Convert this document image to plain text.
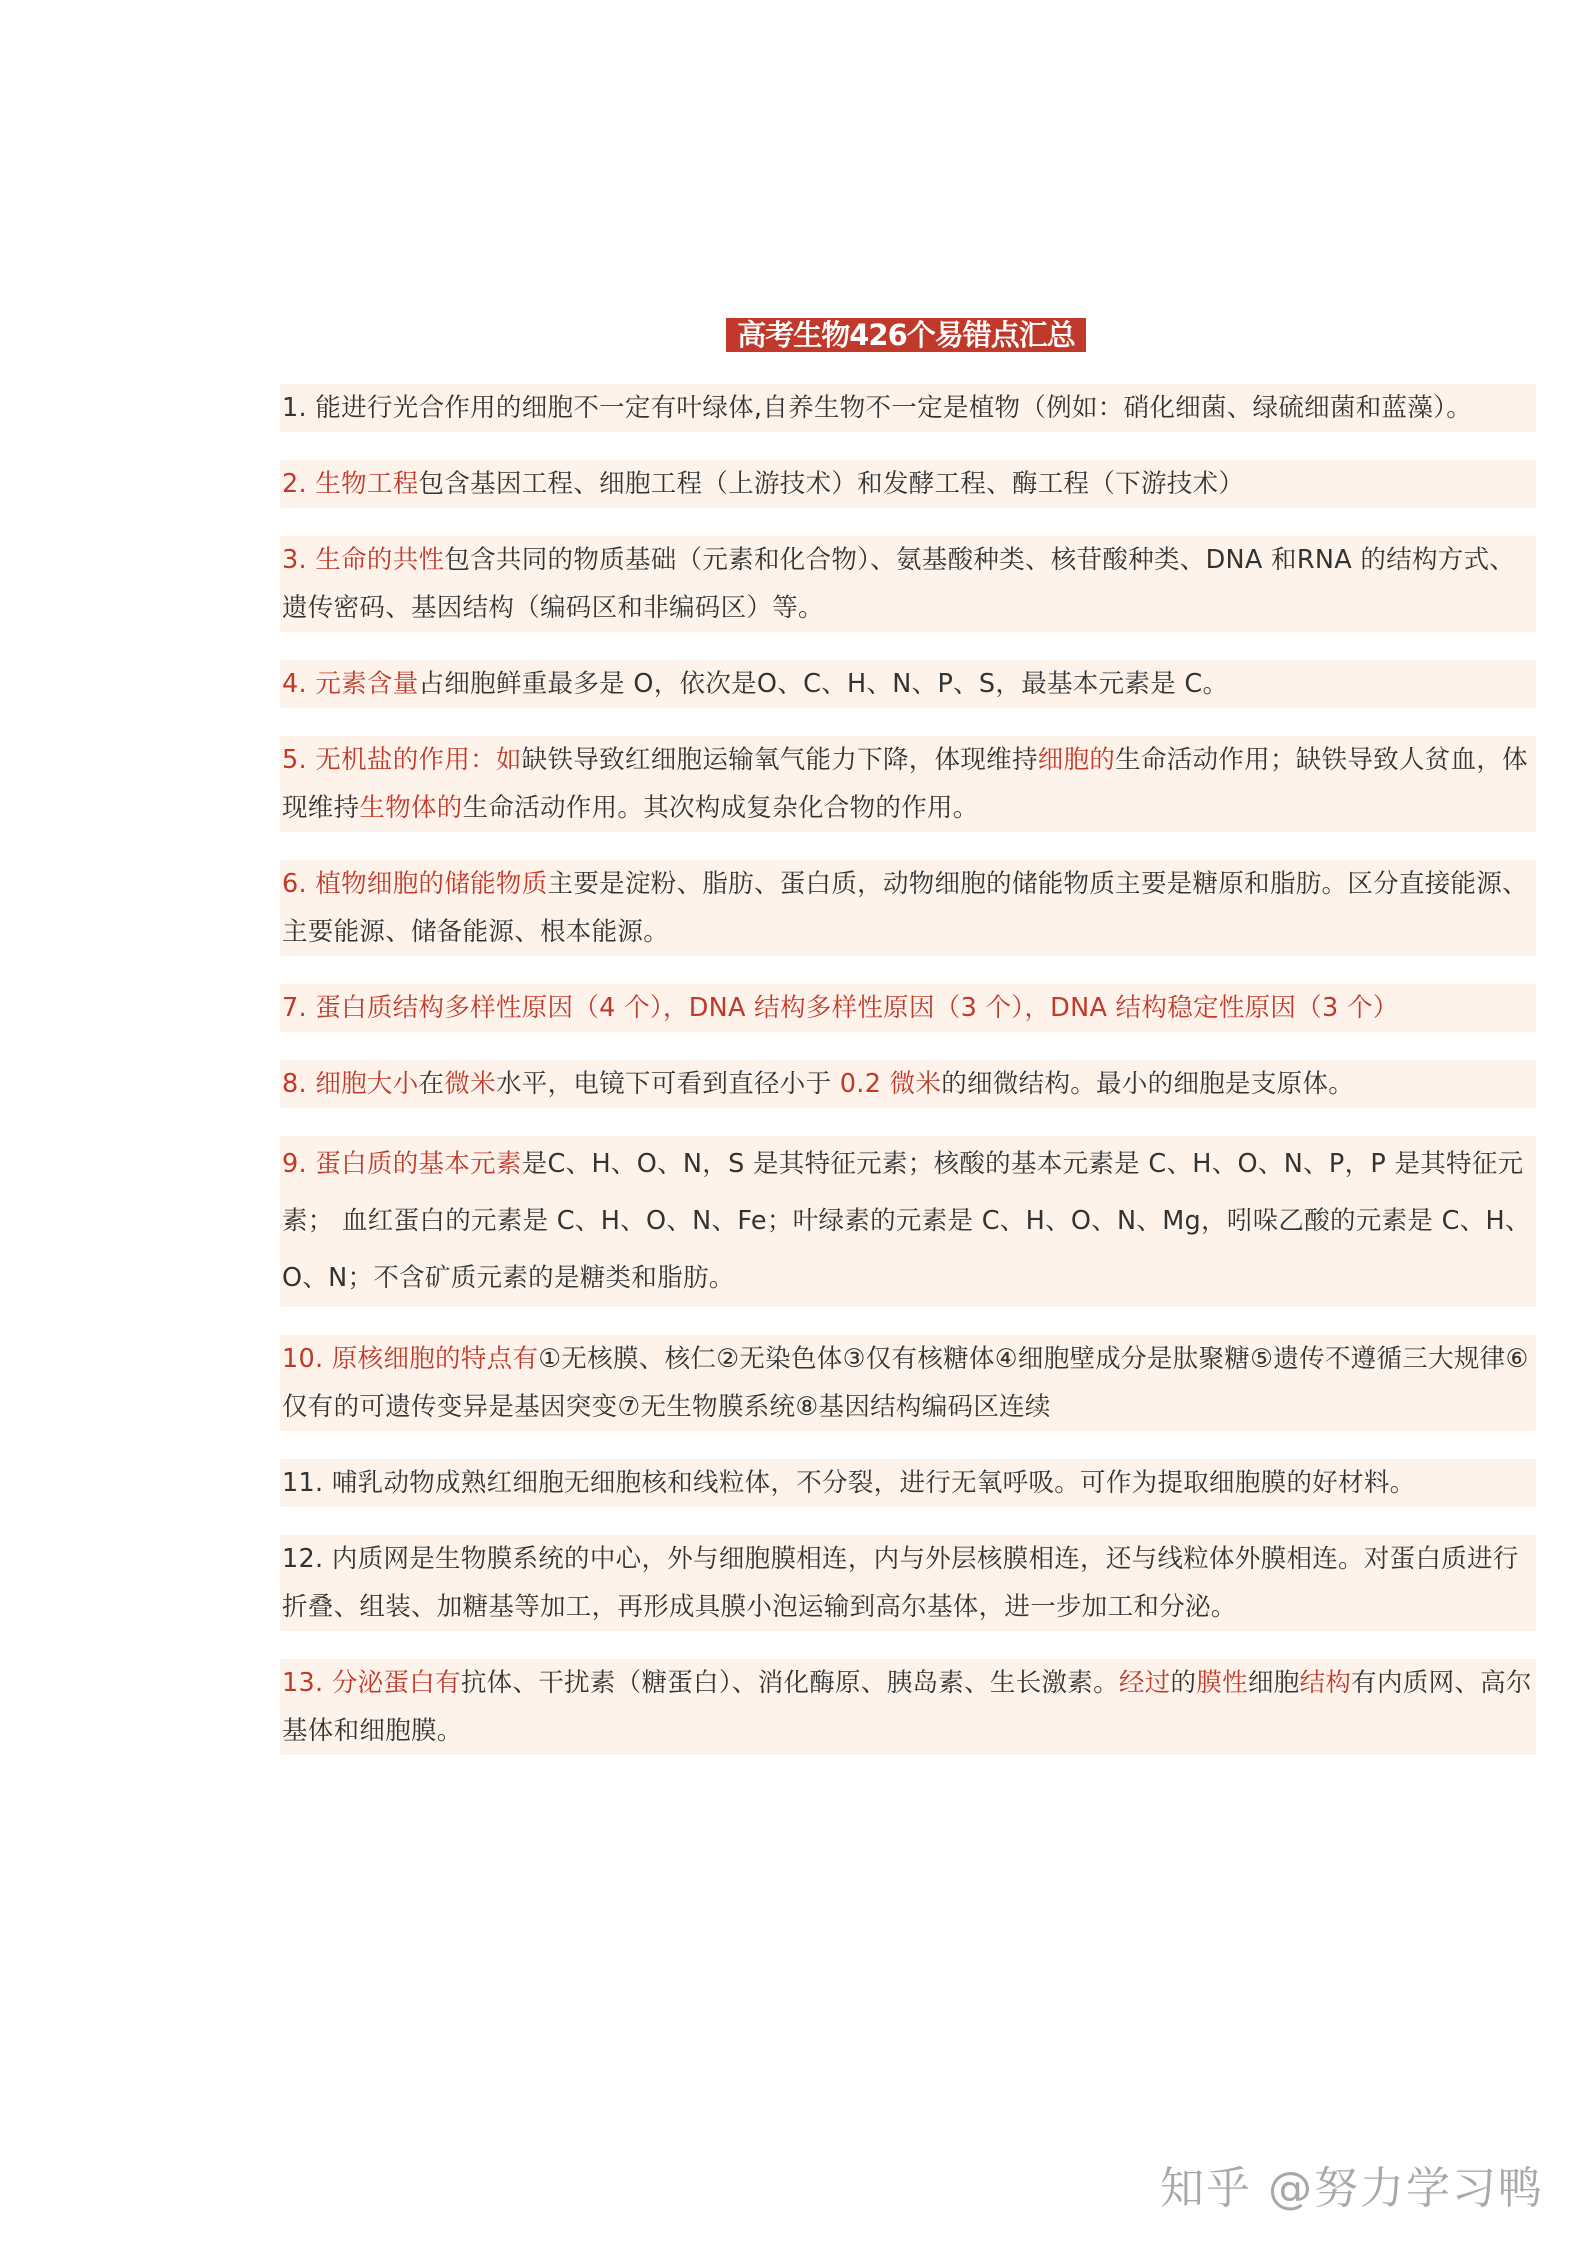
高考生物426个易错点汇总
1. 能进行光合作用的细胞不一定有叶绿体,自养生物不一定是植物（例如：硝化细菌、绿硫细菌和蓝藻）。
2. 生物工程包含基因工程、细胞工程（上游技术）和发酵工程、酶工程（下游技术）
3. 生命的共性包含共同的物质基础（元素和化合物）、氨基酸种类、核苷酸种类、DNA 和RNA 的结构方式、遗传密码、基因结构（编码区和非编码区）等。
4. 元素含量占细胞鲜重最多是 O，依次是O、C、H、N、P、S，最基本元素是 C。
5. 无机盐的作用：如缺铁导致红细胞运输氧气能力下降，体现维持细胞的生命活动作用；缺铁导致人贫血，体现维持生物体的生命活动作用。其次构成复杂化合物的作用。
6. 植物细胞的储能物质主要是淀粉、脂肪、蛋白质，动物细胞的储能物质主要是糖原和脂肪。区分直接能源、主要能源、储备能源、根本能源。
7. 蛋白质结构多样性原因（4 个），DNA 结构多样性原因（3 个），DNA 结构稳定性原因（3 个）
8. 细胞大小在微米水平，电镜下可看到直径小于 0.2 微米的细微结构。最小的细胞是支原体。
9. 蛋白质的基本元素是C、H、O、N，S 是其特征元素；核酸的基本元素是 C、H、O、N、P，P 是其特征元素； 血红蛋白的元素是 C、H、O、N、Fe；叶绿素的元素是 C、H、O、N、Mg，吲哚乙酸的元素是 C、H、O、N；不含矿质元素的是糖类和脂肪。
10. 原核细胞的特点有①无核膜、核仁②无染色体③仅有核糖体④细胞壁成分是肽聚糖⑤遗传不遵循三大规律⑥仅有的可遗传变异是基因突变⑦无生物膜系统⑧基因结构编码区连续
11. 哺乳动物成熟红细胞无细胞核和线粒体，不分裂，进行无氧呼吸。可作为提取细胞膜的好材料。
12. 内质网是生物膜系统的中心，外与细胞膜相连，内与外层核膜相连，还与线粒体外膜相连。对蛋白质进行折叠、组装、加糖基等加工，再形成具膜小泡运输到高尔基体，进一步加工和分泌。
13. 分泌蛋白有抗体、干扰素（糖蛋白）、消化酶原、胰岛素、生长激素。经过的膜性细胞结构有内质网、高尔基体和细胞膜。
知乎 @努力学习鸭
